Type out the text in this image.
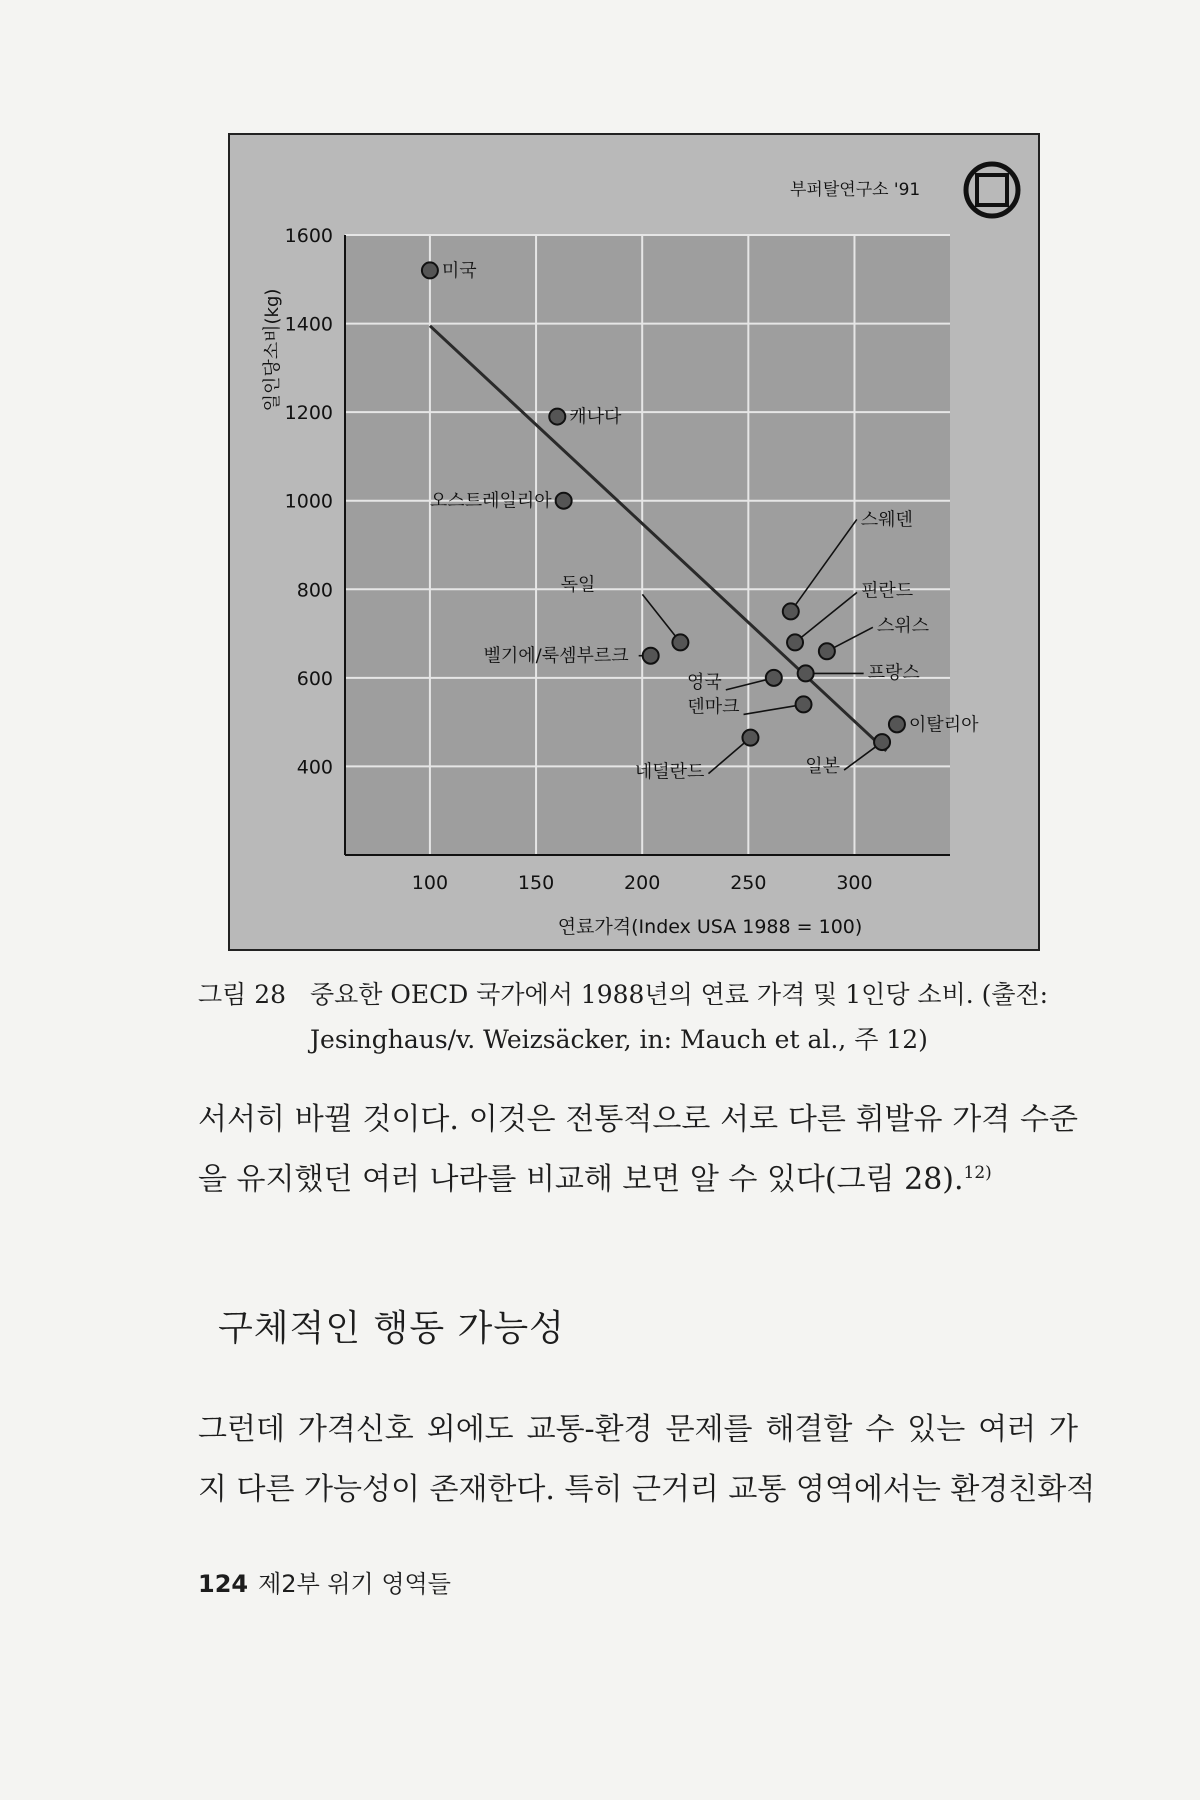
100	150	200	250	300
1600
1400
1200
1000
800
600
400
미국
캐나다
오스트레일리아
독일
벨기에/룩셈부르크
스웨덴
핀란드
스위스
프랑스
영국
덴마크
네덜란드	일본
이탈리아
부퍼탈연구소 '91
일인당소비(kg)
연료가격(Index USA 1988 = 100)
그림 28 중요한 OECD 국가에서 1988년의 연료 가격 및 1인당 소비. (출전:
Jesinghaus/v. Weizsäcker, in: Mauch et al., 주 12)
서서히 바뀔 것이다. 이것은 전통적으로 서로 다른 휘발유 가격 수준
을 유지했던 여러 나라를 비교해 보면 알 수 있다(그림 28).$^{12)}$
구체적인 행동 가능성
그런데 가격신호 외에도 교통-환경 문제를 해결할 수 있는 여러 가
지 다른 가능성이 존재한다. 특히 근거리 교통 영역에서는 환경친화적
124 제2부 위기 영역들
